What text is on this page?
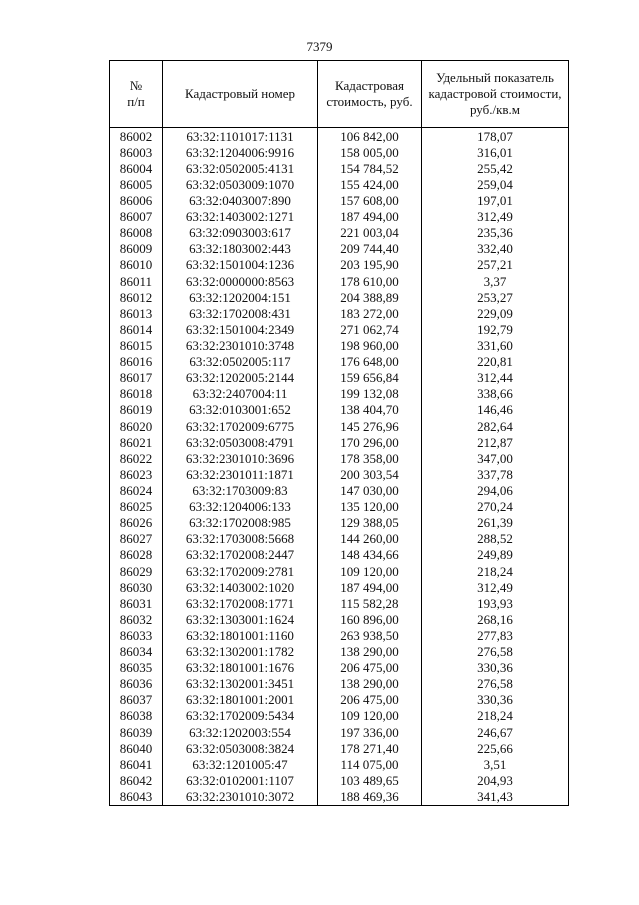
7379
№
п/п	Кадастровый номер	Кадастровая стоимость, руб.	Удельный показатель кадастровой стоимости, руб./кв.м
86002	63:32:1101017:1131	106 842,00	178,07
86003	63:32:1204006:9916	158 005,00	316,01
86004	63:32:0502005:4131	154 784,52	255,42
86005	63:32:0503009:1070	155 424,00	259,04
86006	63:32:0403007:890	157 608,00	197,01
86007	63:32:1403002:1271	187 494,00	312,49
86008	63:32:0903003:617	221 003,04	235,36
86009	63:32:1803002:443	209 744,40	332,40
86010	63:32:1501004:1236	203 195,90	257,21
86011	63:32:0000000:8563	178 610,00	3,37
86012	63:32:1202004:151	204 388,89	253,27
86013	63:32:1702008:431	183 272,00	229,09
86014	63:32:1501004:2349	271 062,74	192,79
86015	63:32:2301010:3748	198 960,00	331,60
86016	63:32:0502005:117	176 648,00	220,81
86017	63:32:1202005:2144	159 656,84	312,44
86018	63:32:2407004:11	199 132,08	338,66
86019	63:32:0103001:652	138 404,70	146,46
86020	63:32:1702009:6775	145 276,96	282,64
86021	63:32:0503008:4791	170 296,00	212,87
86022	63:32:2301010:3696	178 358,00	347,00
86023	63:32:2301011:1871	200 303,54	337,78
86024	63:32:1703009:83	147 030,00	294,06
86025	63:32:1204006:133	135 120,00	270,24
86026	63:32:1702008:985	129 388,05	261,39
86027	63:32:1703008:5668	144 260,00	288,52
86028	63:32:1702008:2447	148 434,66	249,89
86029	63:32:1702009:2781	109 120,00	218,24
86030	63:32:1403002:1020	187 494,00	312,49
86031	63:32:1702008:1771	115 582,28	193,93
86032	63:32:1303001:1624	160 896,00	268,16
86033	63:32:1801001:1160	263 938,50	277,83
86034	63:32:1302001:1782	138 290,00	276,58
86035	63:32:1801001:1676	206 475,00	330,36
86036	63:32:1302001:3451	138 290,00	276,58
86037	63:32:1801001:2001	206 475,00	330,36
86038	63:32:1702009:5434	109 120,00	218,24
86039	63:32:1202003:554	197 336,00	246,67
86040	63:32:0503008:3824	178 271,40	225,66
86041	63:32:1201005:47	114 075,00	3,51
86042	63:32:0102001:1107	103 489,65	204,93
86043	63:32:2301010:3072	188 469,36	341,43
